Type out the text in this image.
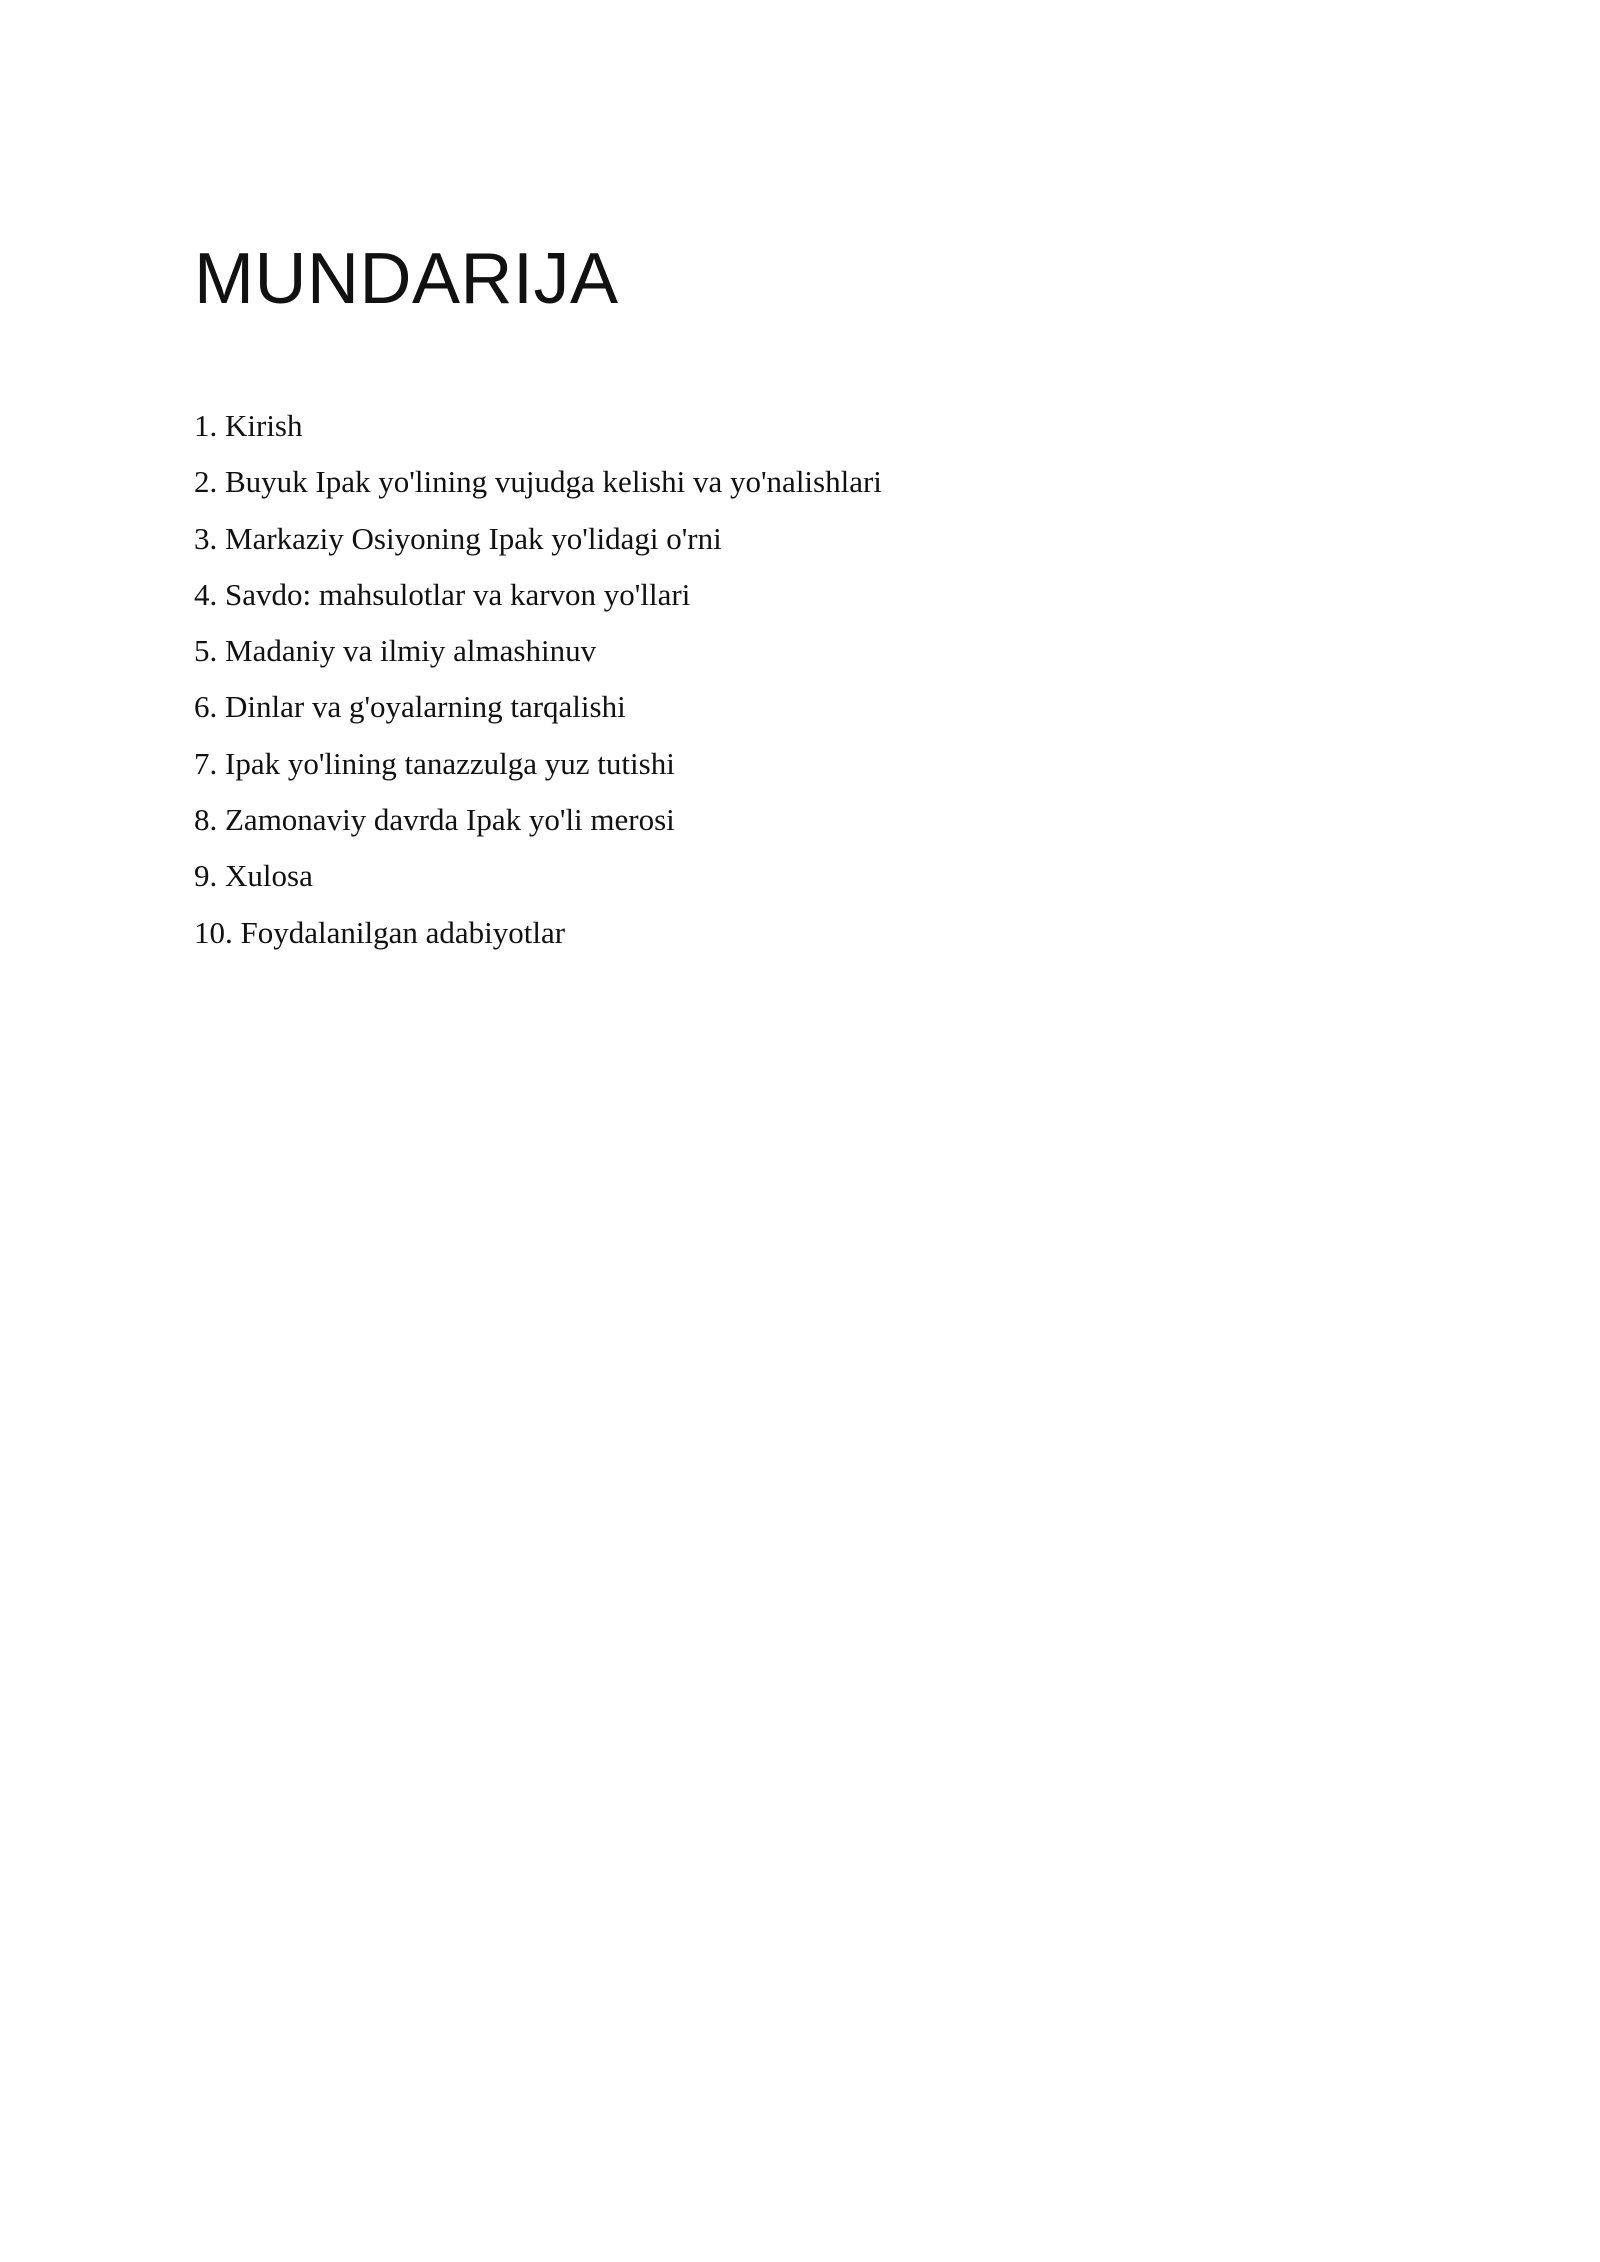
MUNDARIJA
1. Kirish
2. Buyuk Ipak yo'lining vujudga kelishi va yo'nalishlari
3. Markaziy Osiyoning Ipak yo'lidagi o'rni
4. Savdo: mahsulotlar va karvon yo'llari
5. Madaniy va ilmiy almashinuv
6. Dinlar va g'oyalarning tarqalishi
7. Ipak yo'lining tanazzulga yuz tutishi
8. Zamonaviy davrda Ipak yo'li merosi
9. Xulosa
10. Foydalanilgan adabiyotlar
